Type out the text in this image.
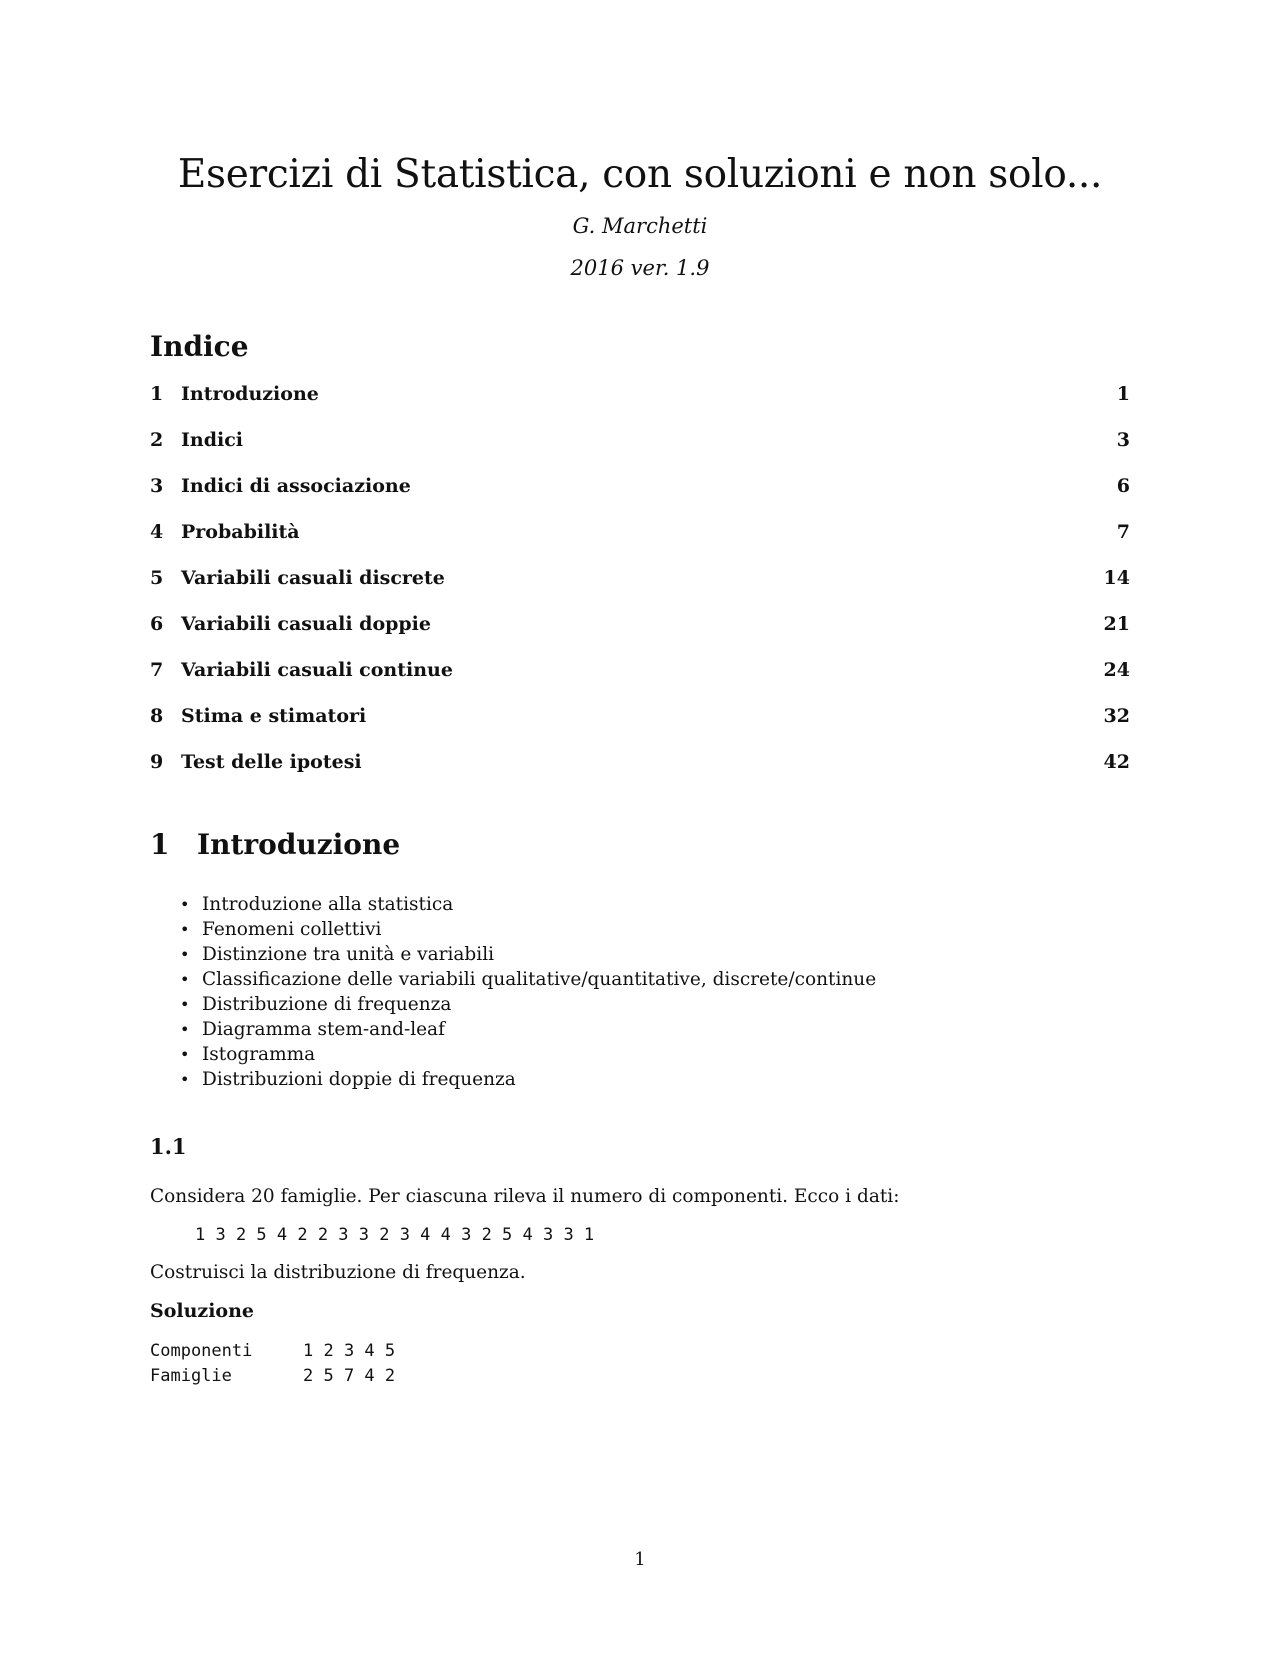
Esercizi di Statistica, con soluzioni e non solo...
G. Marchetti
2016 ver. 1.9
Indice
1 Introduzione	1
2 Indici	3
3 Indici di associazione	6
4 Probabilità	7
5 Variabili casuali discrete	14
6 Variabili casuali doppie	21
7 Variabili casuali continue	24
8 Stima e stimatori	32
9 Test delle ipotesi	42
1 Introduzione
• Introduzione alla statistica
• Fenomeni collettivi
• Distinzione tra unità e variabili
• Classificazione delle variabili qualitative/quantitative, discrete/continue
• Distribuzione di frequenza
• Diagramma stem-and-leaf
• Istogramma
• Distribuzioni doppie di frequenza
1.1
Considera 20 famiglie. Per ciascuna rileva il numero di componenti. Ecco i dati:
1 3 2 5 4 2 2 3 3 2 3 4 4 3 2 5 4 3 3 1
Costruisci la distribuzione di frequenza.
Soluzione
Componenti	1 2 3 4 5
Famiglie	2 5 7 4 2
1
